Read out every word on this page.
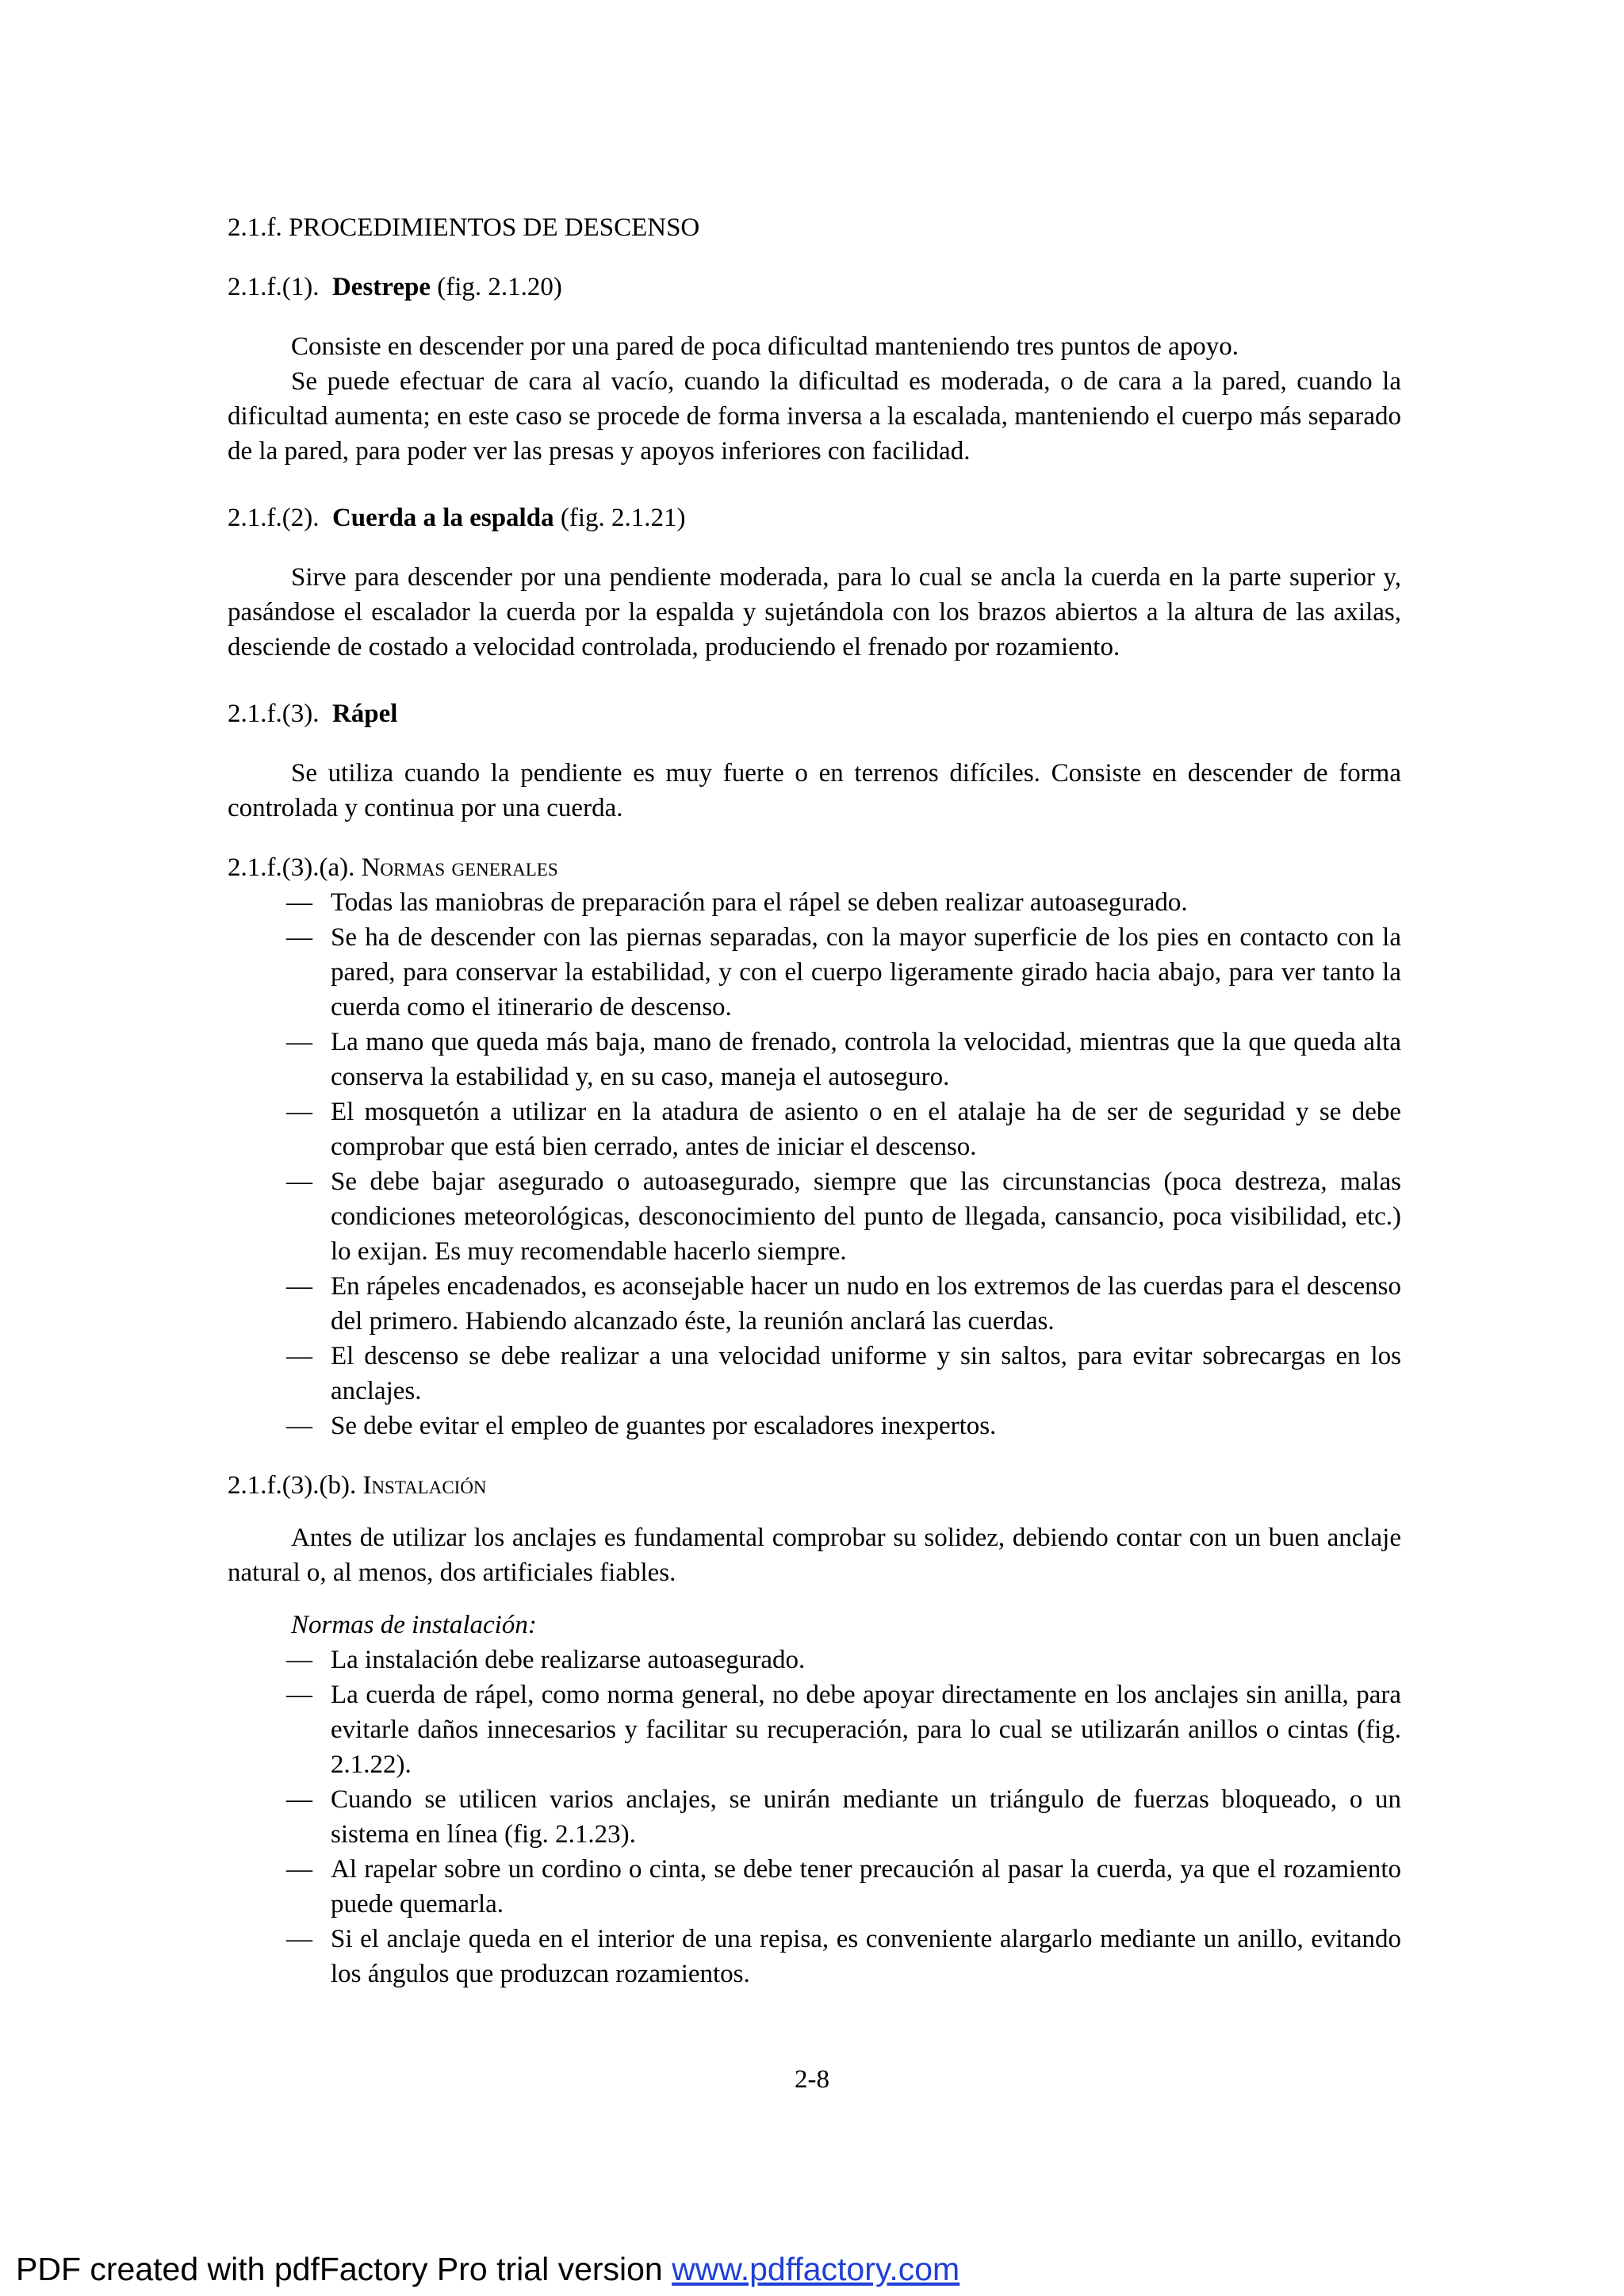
2.1.f. PROCEDIMIENTOS DE DESCENSO

2.1.f.(1). Destrepe (fig. 2.1.20)

Consiste en descender por una pared de poca dificultad manteniendo tres puntos de apoyo.

Se puede efectuar de cara al vacío, cuando la dificultad es moderada, o de cara a la pared, cuando la dificultad aumenta; en este caso se procede de forma inversa a la escalada, manteniendo el cuerpo más separado de la pared, para poder ver las presas y apoyos inferiores con facilidad.

2.1.f.(2). Cuerda a la espalda (fig. 2.1.21)

Sirve para descender por una pendiente moderada, para lo cual se ancla la cuerda en la parte superior y, pasándose el escalador la cuerda por la espalda y sujetándola con los brazos abiertos a la altura de las axilas, desciende de costado a velocidad controlada, produciendo el frenado por rozamiento.

2.1.f.(3). Rápel

Se utiliza cuando la pendiente es muy fuerte o en terrenos difíciles. Consiste en descender de forma controlada y continua por una cuerda.

2.1.f.(3).(a). Normas generales

— Todas las maniobras de preparación para el rápel se deben realizar autoasegurado.
— Se ha de descender con las piernas separadas, con la mayor superficie de los pies en contacto con la pared, para conservar la estabilidad, y con el cuerpo ligeramente girado hacia abajo, para ver tanto la cuerda como el itinerario de descenso.
— La mano que queda más baja, mano de frenado, controla la velocidad, mientras que la que queda alta conserva la estabilidad y, en su caso, maneja el autoseguro.
— El mosquetón a utilizar en la atadura de asiento o en el atalaje ha de ser de seguridad y se debe comprobar que está bien cerrado, antes de iniciar el descenso.
— Se debe bajar asegurado o autoasegurado, siempre que las circunstancias (poca destreza, malas condiciones meteorológicas, desconocimiento del punto de llegada, cansancio, poca visibilidad, etc.) lo exijan. Es muy recomendable hacerlo siempre.
— En rápeles encadenados, es aconsejable hacer un nudo en los extremos de las cuerdas para el descenso del primero. Habiendo alcanzado éste, la reunión anclará las cuerdas.
— El descenso se debe realizar a una velocidad uniforme y sin saltos, para evitar sobrecargas en los anclajes.
— Se debe evitar el empleo de guantes por escaladores inexpertos.

2.1.f.(3).(b). Instalación

Antes de utilizar los anclajes es fundamental comprobar su solidez, debiendo contar con un buen anclaje natural o, al menos, dos artificiales fiables.

Normas de instalación:

— La instalación debe realizarse autoasegurado.
— La cuerda de rápel, como norma general, no debe apoyar directamente en los anclajes sin anilla, para evitarle daños innecesarios y facilitar su recuperación, para lo cual se utilizarán anillos o cintas (fig. 2.1.22).
— Cuando se utilicen varios anclajes, se unirán mediante un triángulo de fuerzas bloqueado, o un sistema en línea (fig. 2.1.23).
— Al rapelar sobre un cordino o cinta, se debe tener precaución al pasar la cuerda, ya que el rozamiento puede quemarla.
— Si el anclaje queda en el interior de una repisa, es conveniente alargarlo mediante un anillo, evitando los ángulos que produzcan rozamientos.
2-8
PDF created with pdfFactory Pro trial version www.pdffactory.com
